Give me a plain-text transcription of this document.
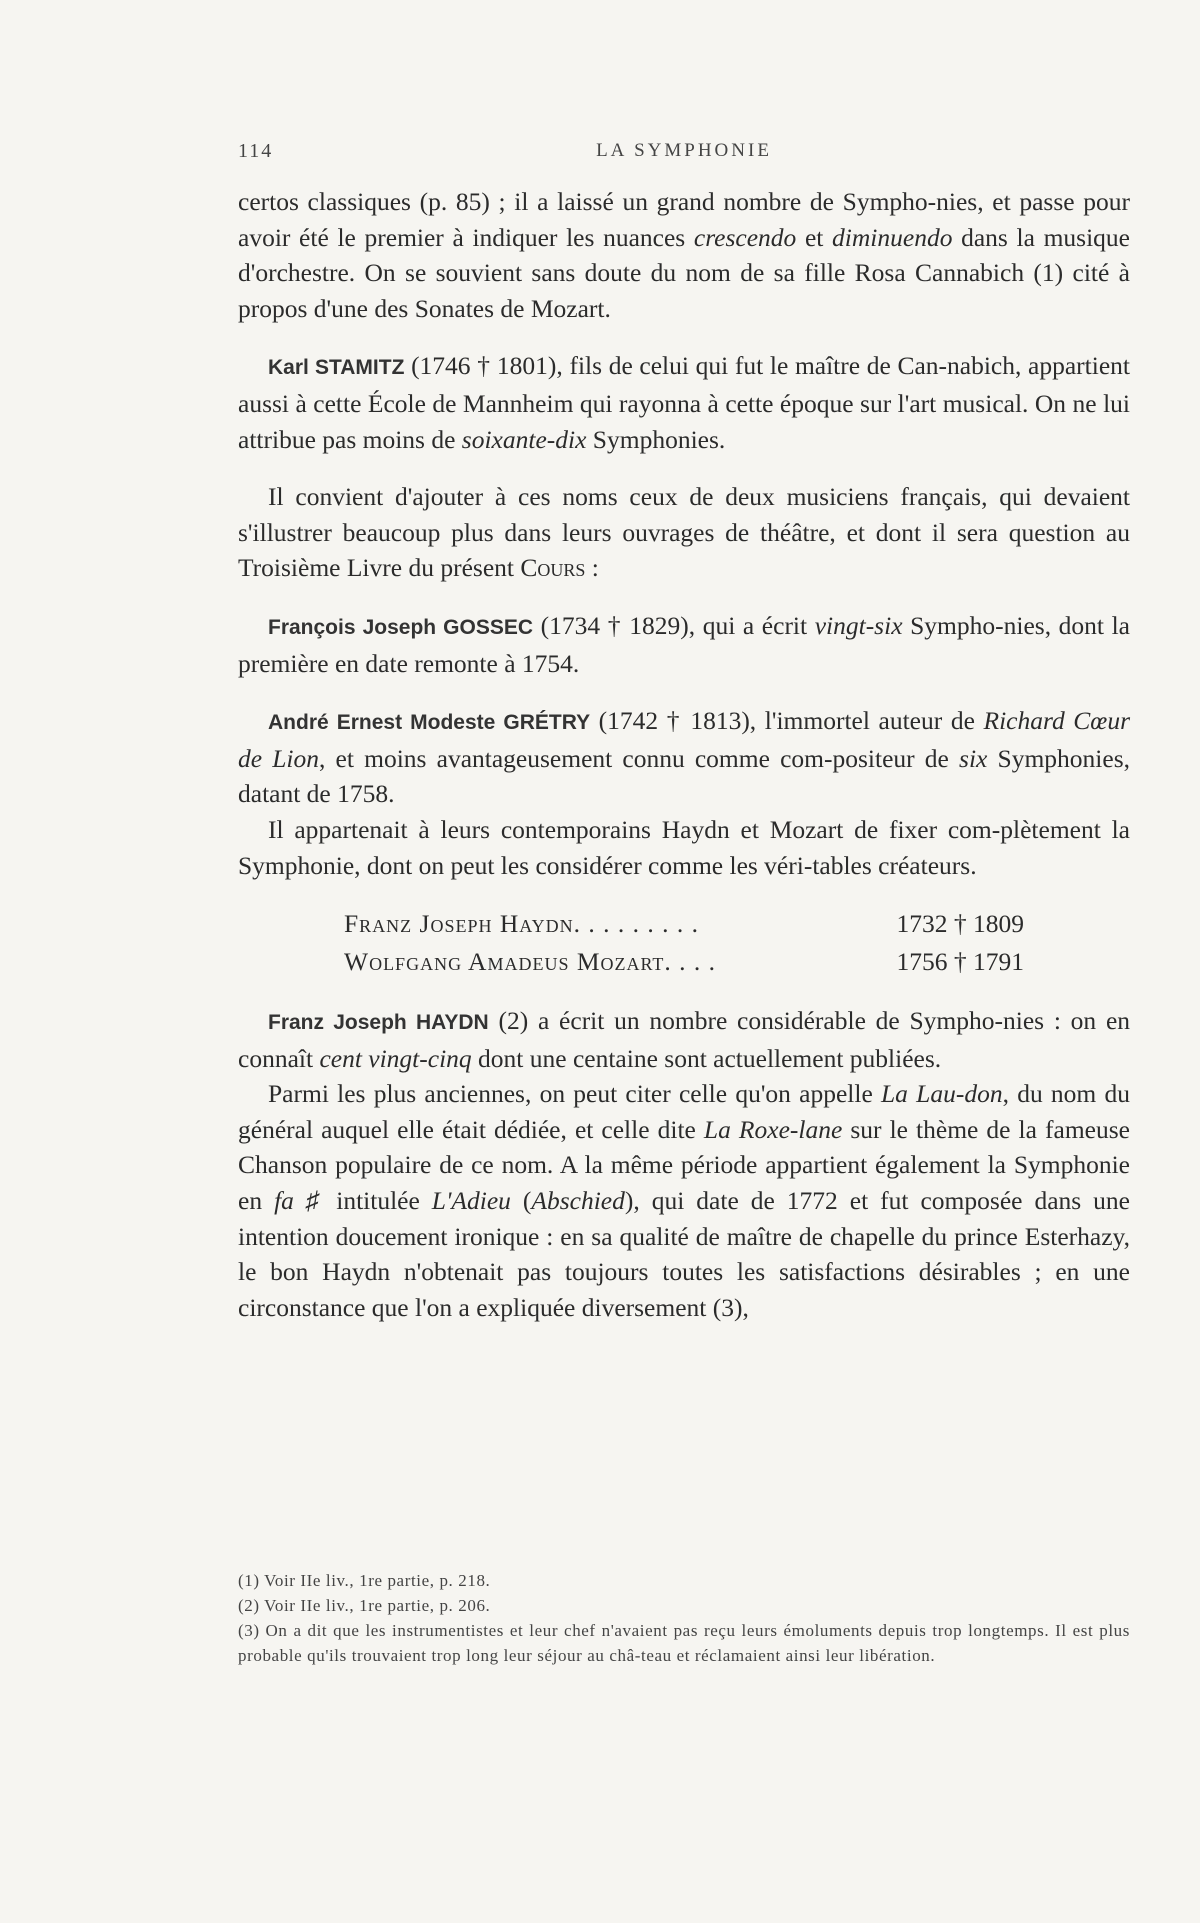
114	LA SYMPHONIE

certos classiques (p. 85) ; il a laissé un grand nombre de Sympho-nies, et passe pour avoir été le premier à indiquer les nuances crescendo et diminuendo dans la musique d'orchestre. On se souvient sans doute du nom de sa fille Rosa Cannabich (1) cité à propos d'une des Sonates de Mozart.

Karl STAMITZ (1746 † 1801), fils de celui qui fut le maître de Can-nabich, appartient aussi à cette École de Mannheim qui rayonna à cette époque sur l'art musical. On ne lui attribue pas moins de soixante-dix Symphonies.

Il convient d'ajouter à ces noms ceux de deux musiciens français, qui devaient s'illustrer beaucoup plus dans leurs ouvrages de théâtre, et dont il sera question au Troisième Livre du présent Cours :

François Joseph GOSSEC (1734 † 1829), qui a écrit vingt-six Sympho-nies, dont la première en date remonte à 1754.

André Ernest Modeste GRÉTRY (1742 † 1813), l'immortel auteur de Richard Cœur de Lion, et moins avantageusement connu comme com-positeur de six Symphonies, datant de 1758.

Il appartenait à leurs contemporains Haydn et Mozart de fixer com-plètement la Symphonie, dont on peut les considérer comme les véri-tables créateurs.

Franz Joseph Haydn. . . . . . . . .	1732 † 1809
Wolfgang Amadeus Mozart. . . .	1756 † 1791

Franz Joseph HAYDN (2) a écrit un nombre considérable de Sympho-nies : on en connaît cent vingt-cinq dont une centaine sont actuellement publiées.

Parmi les plus anciennes, on peut citer celle qu'on appelle La Lau-don, du nom du général auquel elle était dédiée, et celle dite La Roxe-lane sur le thème de la fameuse Chanson populaire de ce nom. A la même période appartient également la Symphonie en fa ♯ intitulée L'Adieu (Abschied), qui date de 1772 et fut composée dans une intention doucement ironique : en sa qualité de maître de chapelle du prince Esterhazy, le bon Haydn n'obtenait pas toujours toutes les satisfactions désirables ; en une circonstance que l'on a expliquée diversement (3),

(1) Voir IIe liv., 1re partie, p. 218.

(2) Voir IIe liv., 1re partie, p. 206.

(3) On a dit que les instrumentistes et leur chef n'avaient pas reçu leurs émoluments depuis trop longtemps. Il est plus probable qu'ils trouvaient trop long leur séjour au châ-teau et réclamaient ainsi leur libération.
